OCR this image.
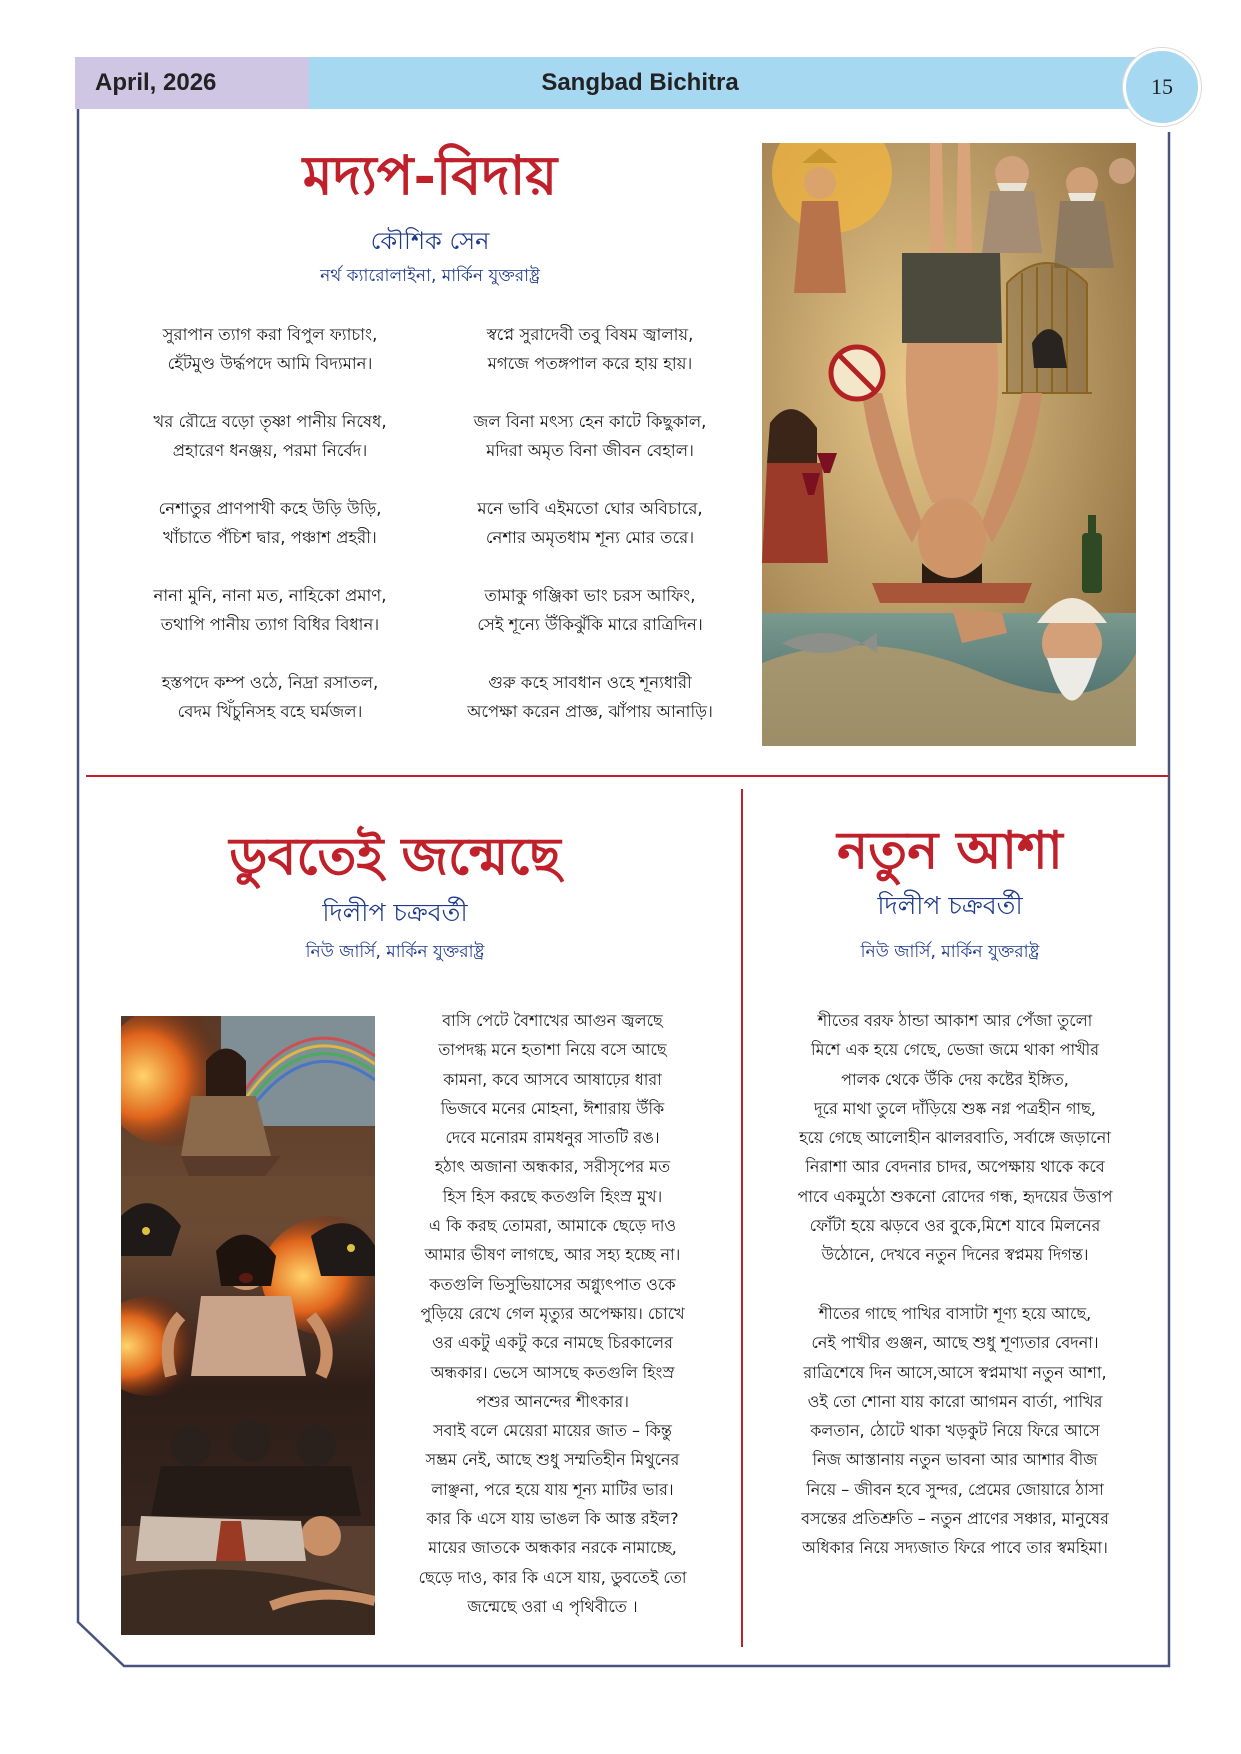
April, 2026	Sangbad Bichitra	15
মদ্যপ-বিদায়
কৌশিক সেন
নর্থ ক্যারোলাইনা, মার্কিন যুক্তরাষ্ট্র
সুরাপান ত্যাগ করা বিপুল ফ্যাচাং,
হেঁটমুণ্ড উর্দ্ধপদে আমি বিদ্যমান।
খর রৌদ্রে বড়ো তৃষ্ণা পানীয় নিষেধ,
প্রহারেণ ধনঞ্জয়, পরমা নির্বেদ।
নেশাতুর প্রাণপাখী কহে উড়ি উড়ি,
খাঁচাতে পঁচিশ দ্বার, পঞ্চাশ প্রহরী।
নানা মুনি, নানা মত, নাহিকো প্রমাণ,
তথাপি পানীয় ত্যাগ বিধির বিধান।
হস্তপদে কম্প ওঠে, নিদ্রা রসাতল,
বেদম খিঁচুনিসহ বহে ঘর্মজল।
স্বপ্নে সুরাদেবী তবু বিষম জ্বালায়,
মগজে পতঙ্গপাল করে হায় হায়।
জল বিনা মৎস্য হেন কাটে কিছুকাল,
মদিরা অমৃত বিনা জীবন বেহাল।
মনে ভাবি এইমতো ঘোর অবিচারে,
নেশার অমৃতধাম শূন্য মোর তরে।
তামাকু গঞ্জিকা ভাং চরস আফিং,
সেই শূন্যে উঁকিঝুঁকি মারে রাত্রিদিন।
গুরু কহে সাবধান ওহে শূন্যধারী
অপেক্ষা করেন প্রাজ্ঞ, ঝাঁপায় আনাড়ি।
ডুবতেই জন্মেছে
দিলীপ চক্রবর্তী
নিউ জার্সি, মার্কিন যুক্তরাষ্ট্র
বাসি পেটে বৈশাখের আগুন জ্বলছে
তাপদগ্ধ মনে হতাশা নিয়ে বসে আছে
কামনা, কবে আসবে আষাঢ়ের ধারা
ভিজবে মনের মোহনা, ঈশারায় উঁকি
দেবে মনোরম রামধনুর সাতটি রঙ।
হঠাৎ অজানা অন্ধকার, সরীসৃপের মত
হিস হিস করছে কতগুলি হিংস্র মুখ।
এ কি করছ তোমরা, আমাকে ছেড়ে দাও
আমার ভীষণ লাগছে, আর সহ্য হচ্ছে না।
কতগুলি ভিসুভিয়াসের অগ্ন্যুৎপাত ওকে
পুড়িয়ে রেখে গেল মৃত্যুর অপেক্ষায়। চোখে
ওর একটু একটু করে নামছে চিরকালের
অন্ধকার। ভেসে আসছে কতগুলি হিংস্র
পশুর আনন্দের শীৎকার।
সবাই বলে মেয়েরা মায়ের জাত – কিন্তু
সম্ভ্রম নেই, আছে শুধু সম্মতিহীন মিথুনের
লাঞ্ছনা, পরে হয়ে যায় শূন্য মাটির ভার।
কার কি এসে যায় ভাঙল কি আস্ত রইল?
মায়ের জাতকে অন্ধকার নরকে নামাচ্ছে,
ছেড়ে দাও, কার কি এসে যায়, ডুবতেই তো
জন্মেছে ওরা এ পৃথিবীতে ।
নতুন আশা
দিলীপ চক্রবর্তী
নিউ জার্সি, মার্কিন যুক্তরাষ্ট্র
শীতের বরফ ঠান্ডা আকাশ আর পেঁজা তুলো
মিশে এক হয়ে গেছে, ভেজা জমে থাকা পাখীর
পালক থেকে উঁকি দেয় কষ্টের ইঙ্গিত,
দূরে মাথা তুলে দাঁড়িয়ে শুষ্ক নগ্ন পত্রহীন গাছ,
হয়ে গেছে আলোহীন ঝালরবাতি, সর্বাঙ্গে জড়ানো
নিরাশা আর বেদনার চাদর, অপেক্ষায় থাকে কবে
পাবে একমুঠো শুকনো রোদের গন্ধ, হৃদয়ের উত্তাপ
ফোঁটা হয়ে ঝড়বে ওর বুকে,মিশে যাবে মিলনের
উঠোনে, দেখবে নতুন দিনের স্বপ্নময় দিগন্ত।
শীতের গাছে পাখির বাসাটা শূণ্য হয়ে আছে,
নেই পাখীর গুঞ্জন, আছে শুধু শূণ্যতার বেদনা।
রাত্রিশেষে দিন আসে,আসে স্বপ্নমাখা নতুন আশা,
ওই তো শোনা যায় কারো আগমন বার্তা, পাখির
কলতান, ঠোটে থাকা খড়কুট নিয়ে ফিরে আসে
নিজ আস্তানায় নতুন ভাবনা আর আশার বীজ
নিয়ে – জীবন হবে সুন্দর, প্রেমের জোয়ারে ঠাসা
বসন্তের প্রতিশ্রুতি – নতুন প্রাণের সঞ্চার, মানুষের
অধিকার নিয়ে সদ্যজাত ফিরে পাবে তার স্বমহিমা।
